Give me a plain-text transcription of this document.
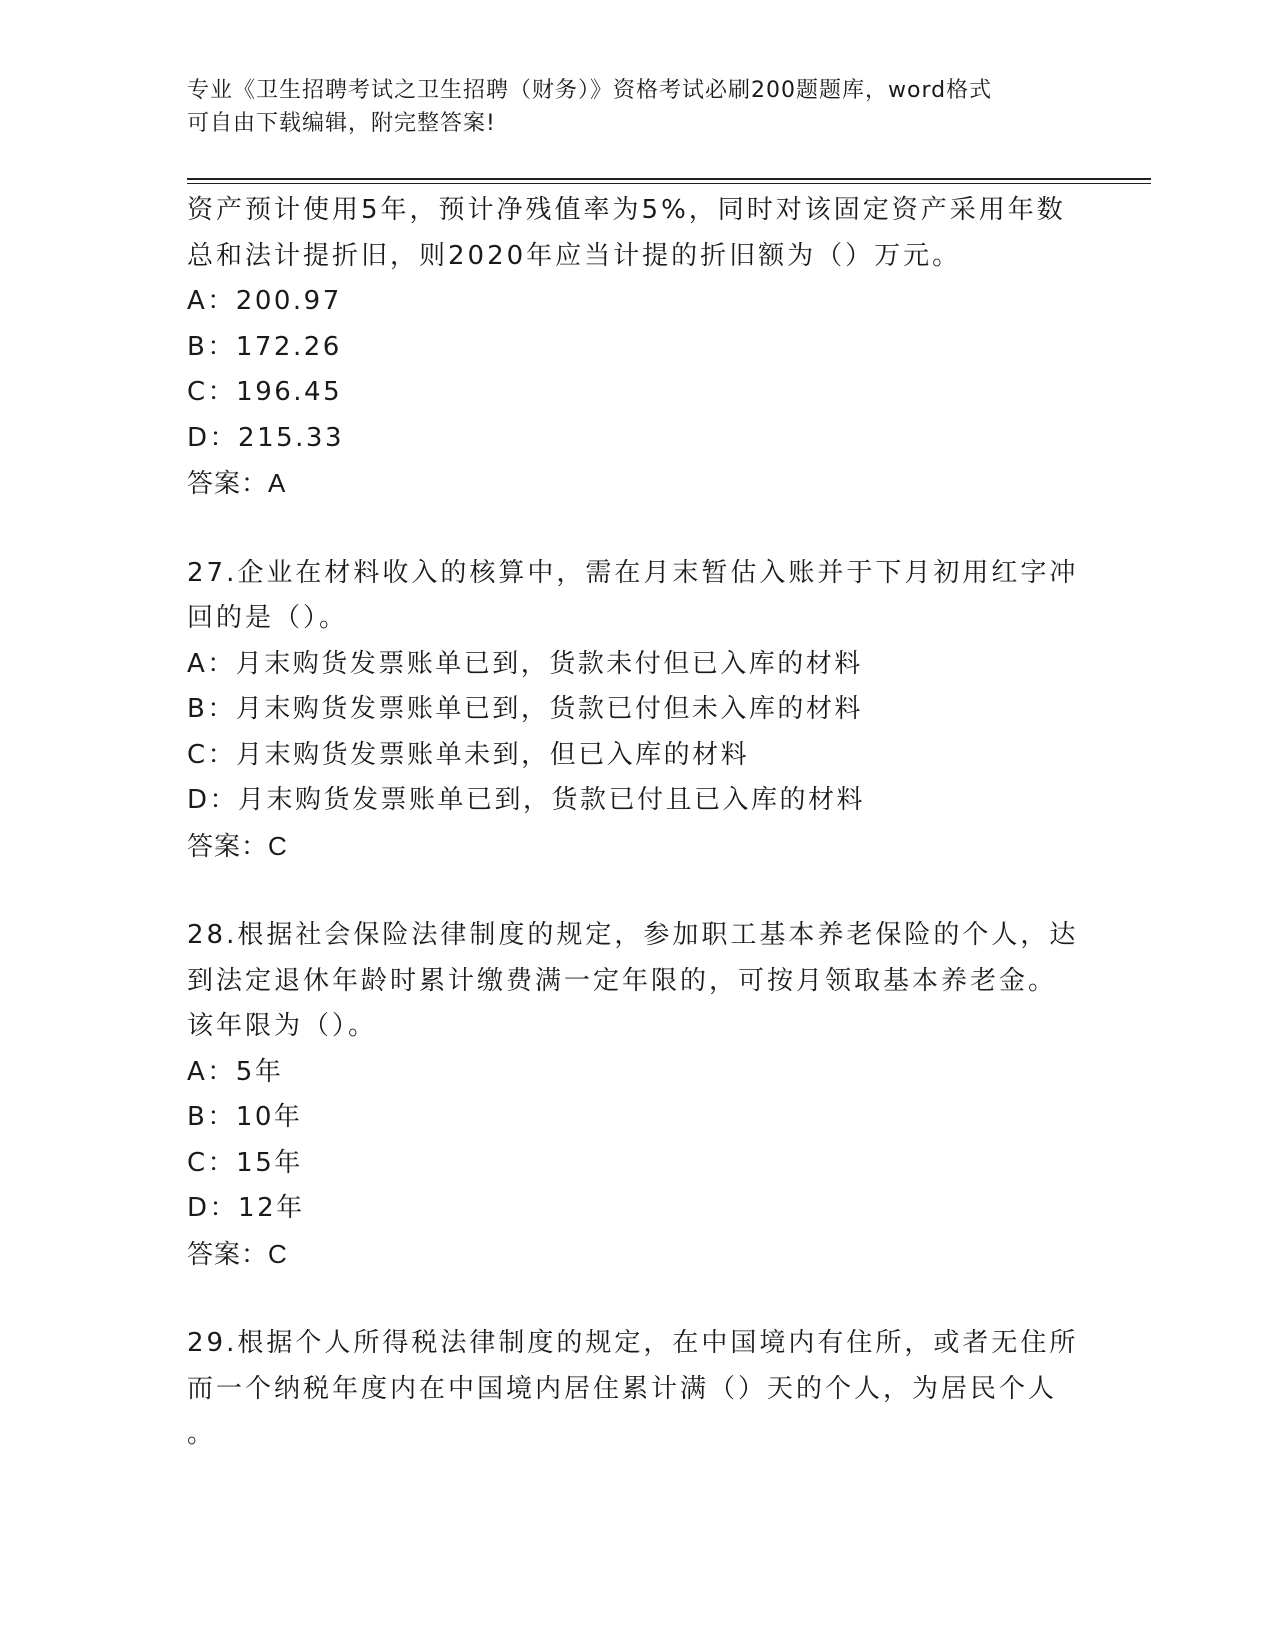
专业《卫生招聘考试之卫生招聘（财务）》资格考试必刷200题题库，word格式
可自由下载编辑，附完整答案!
资产预计使用5年，预计净残值率为5%，同时对该固定资产采用年数
总和法计提折旧，则2020年应当计提的折旧额为（）万元。
A：200.97
B：172.26
C：196.45
D：215.33
答案：A
27.企业在材料收入的核算中，需在月末暂估入账并于下月初用红字冲
回的是（）。
A：月末购货发票账单已到，货款未付但已入库的材料
B：月末购货发票账单已到，货款已付但未入库的材料
C：月末购货发票账单未到，但已入库的材料
D：月末购货发票账单已到，货款已付且已入库的材料
答案：C
28.根据社会保险法律制度的规定，参加职工基本养老保险的个人，达
到法定退休年龄时累计缴费满一定年限的，可按月领取基本养老金。
该年限为（）。
A：5年
B：10年
C：15年
D：12年
答案：C
29.根据个人所得税法律制度的规定，在中国境内有住所，或者无住所
而一个纳税年度内在中国境内居住累计满（）天的个人，为居民个人
。
